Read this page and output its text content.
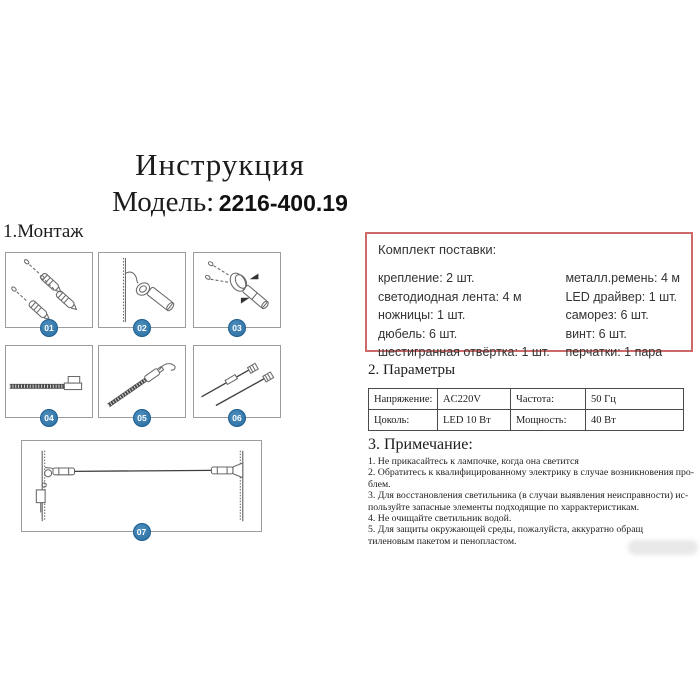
Инструкция
Модель: 2216-400.19
1.Монтаж
01	02	03
04	05	06
07
Комплект поставки:
крепление: 2 шт.
светодиодная лента: 4 м
ножницы: 1 шт.
дюбель: 6 шт.
шестигранная отвёртка: 1 шт.
металл.ремень: 4 м
LED драйвер: 1 шт.
саморез: 6 шт.
винт: 6 шт.
перчатки: 1 пара
2. Параметры
Напряжение:	AC220V	Частота:	50 Гц
Цоколь:	LED 10 Вт	Мощность:	40 Вт
3. Примечание:
1. Не прикасайтесь к лампочке, когда она светится
2. Обратитесь к квалифицированному электрику в случае возникновения про-
блем.
3. Для восстановления светильника (в случаи выявления неисправности) ис-
пользуйте запасные элементы подходящие по харрактеристикам.
4. Не очищайте светильник водой.
5. Для защиты окружающей среды, пожалуйста, аккуратно обращ
тиленовым пакетом и пенопластом.
